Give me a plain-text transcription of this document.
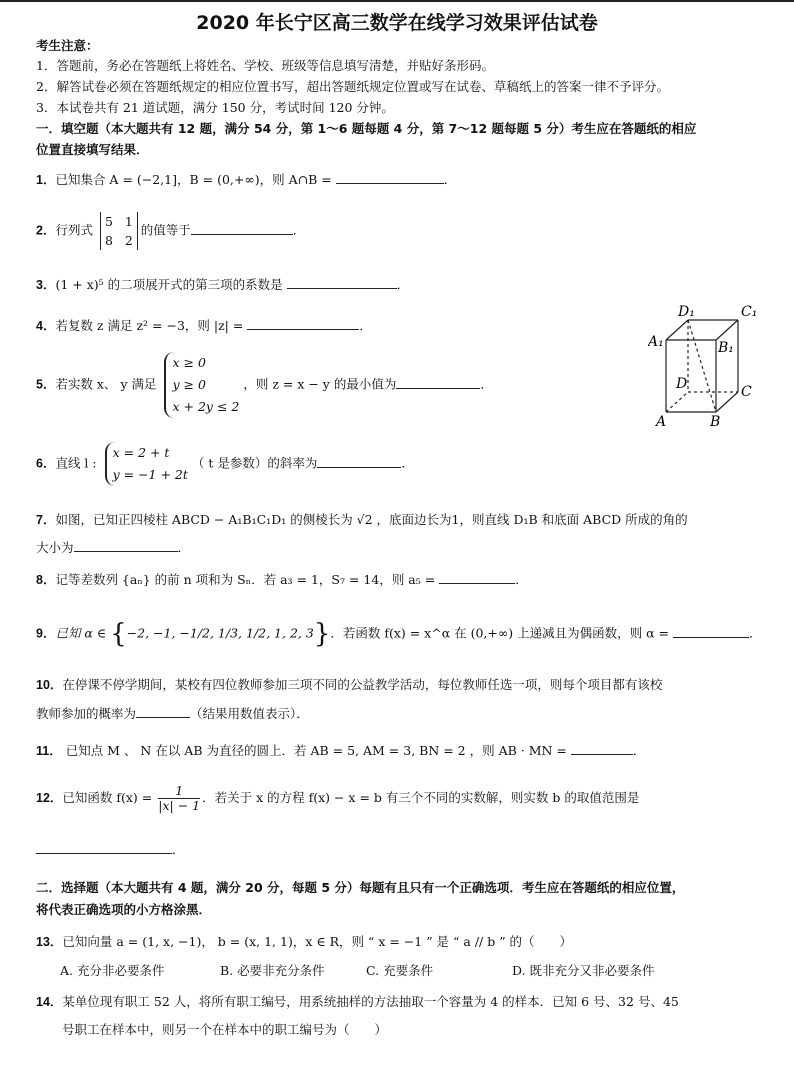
2020 年长宁区高三数学在线学习效果评估试卷
考生注意：
1．答题前，务必在答题纸上将姓名、学校、班级等信息填写清楚，并贴好条形码。
2．解答试卷必须在答题纸规定的相应位置书写，超出答题纸规定位置或写在试卷、草稿纸上的答案一律不予评分。
3．本试卷共有 21 道试题，满分 150 分，考试时间 120 分钟。
一．填空题（本大题共有 12 题，满分 54 分，第 1～6 题每题 4 分，第 7～12 题每题 5 分）考生应在答题纸的相应
位置直接填写结果．
1．已知集合 A = (−2,1]，B = (0,+∞)，则 A∩B =	．
2．行列式 5 1
8 2的值等于	．
3．(1 + x)⁵ 的二项展开式的第三项的系数是	．
4．若复数 z 满足 z² = −3，则 |z| =	．
5．若实数 x、 y 满足
x ≥ 0
y ≥ 0
x + 2y ≤ 2
，则 z = x − y 的最小值为	．
6．直线 l :
x = 2 + t
y = −1 + 2t
（ t 是参数）的斜率为	．
7．如图，已知正四棱柱 ABCD − A₁B₁C₁D₁ 的侧棱长为 √2 ，底面边长为1，则直线 D₁B 和底面 ABCD 所成的角的
大小为	．
8．记等差数列 {aₙ} 的前 n 项和为 Sₙ．若 a₃ = 1，S₇ = 14，则 a₅ =	．
9．已知 α ∈ {−2, −1, −1/2, 1/3, 1/2, 1, 2, 3}．若函数 f(x) = x^α 在 (0,+∞) 上递减且为偶函数，则 α =	．
10．在停课不停学期间，某校有四位教师参加三项不同的公益教学活动，每位教师任选一项，则每个项目都有该校
教师参加的概率为	（结果用数值表示）．
11． 已知点 M 、 N 在以 AB 为直径的圆上．若 AB = 5, AM = 3, BN = 2 ，则 AB · MN =	．
12．已知函数 $f(x) = \frac{1}{|x| - 1}$ ．若关于 x 的方程 f(x) − x = b 有三个不同的实数解，则实数 b 的取值范围是
．
二．选择题（本大题共有 4 题，满分 20 分，每题 5 分）每题有且只有一个正确选项．考生应在答题纸的相应位置，
将代表正确选项的小方格涂黑．
13．已知向量 a = (1, x, −1)， b = (x, 1, 1)，x ∈ R，则 “ x = −1 ” 是 “ a // b ” 的（　　）
A. 充分非必要条件	B. 必要非充分条件	C. 充要条件	D. 既非充分又非必要条件
14．某单位现有职工 52 人，将所有职工编号，用系统抽样的方法抽取一个容量为 4 的样本．已知 6 号、32 号、45
号职工在样本中，则另一个在样本中的职工编号为（　　）
D₁	C₁
A₁	B₁
D	C
A	B
